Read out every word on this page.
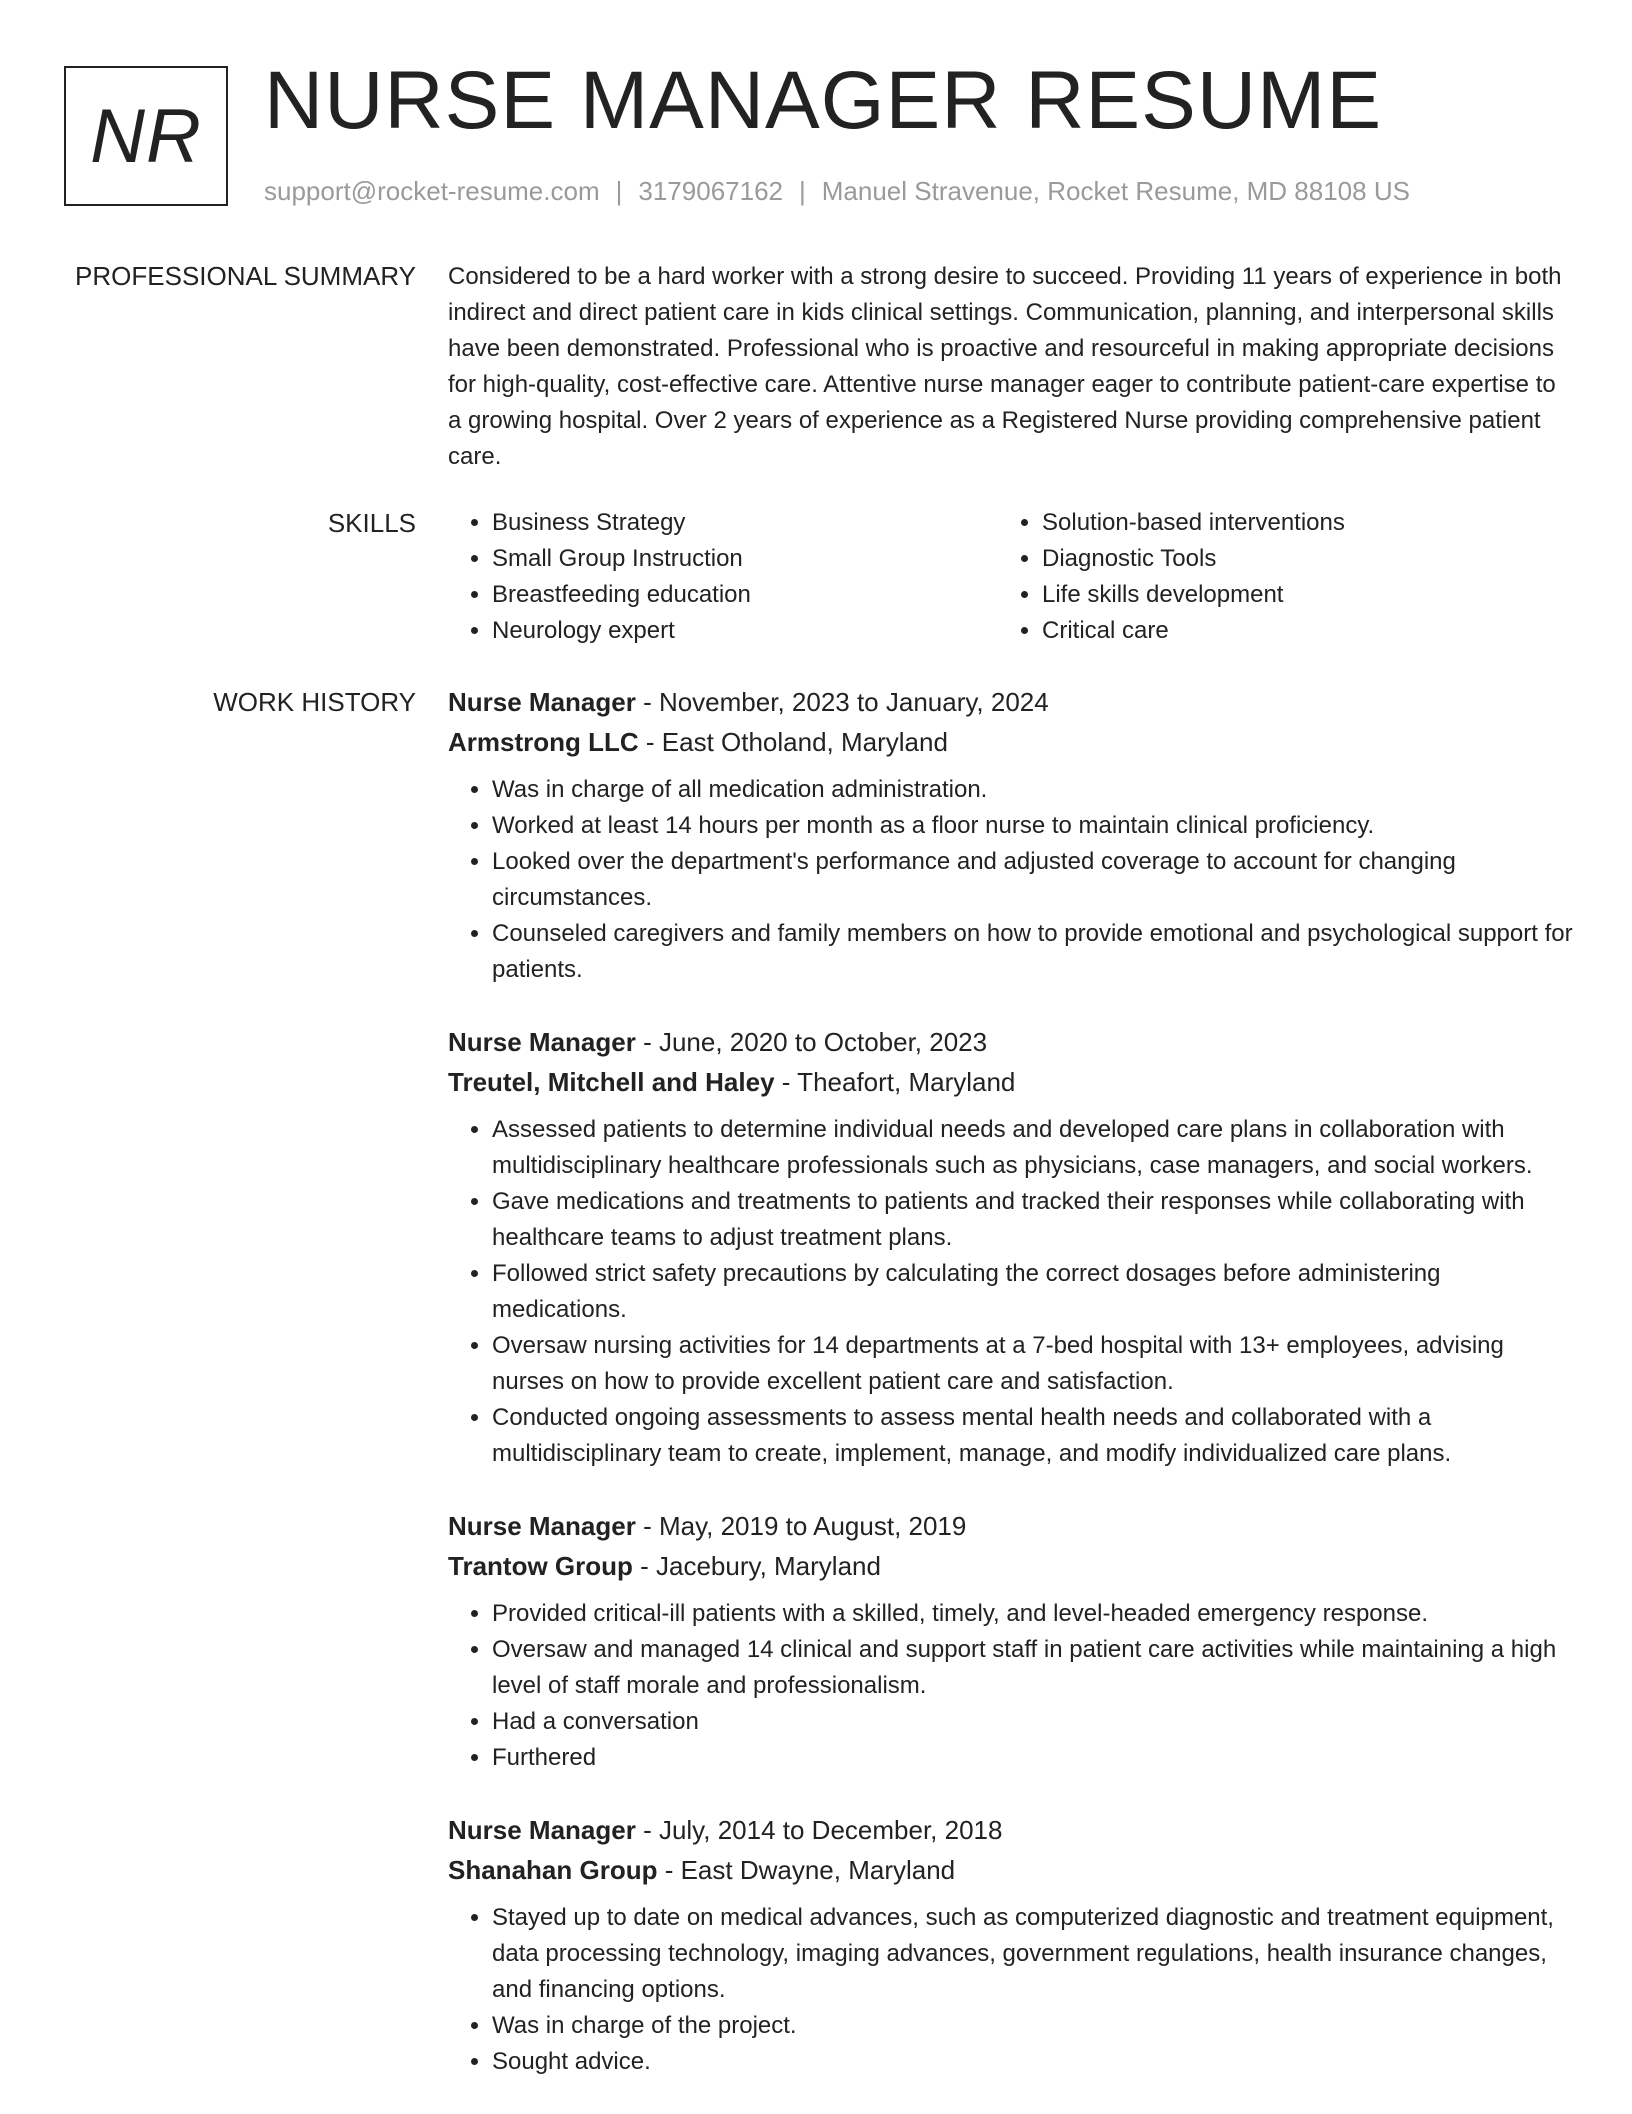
NR NURSE MANAGER RESUME
support@rocket-resume.com | 3179067162 | Manuel Stravenue, Rocket Resume, MD 88108 US
PROFESSIONAL SUMMARY Considered to be a hard worker with a strong desire to succeed. Providing 11 years of experience in both indirect and direct patient care in kids clinical settings. Communication, planning, and interpersonal skills have been demonstrated. Professional who is proactive and resourceful in making appropriate decisions for high-quality, cost-effective care. Attentive nurse manager eager to contribute patient-care expertise to a growing hospital. Over 2 years of experience as a Registered Nurse providing comprehensive patient care.

SKILLS
•	Business Strategy
• Small Group Instruction
• Breastfeeding education
• Neurology expert
• Solution-based interventions
• Diagnostic Tools
• Life skills development
• Critical care
WORK HISTORY Nurse Manager - November, 2023 to January, 2024
Armstrong LLC - East Otholand, Maryland
• Was in charge of all medication administration.
• Worked at least 14 hours per month as a floor nurse to maintain clinical proficiency.
• Looked over the department's performance and adjusted coverage to account for changing circumstances.
• Counseled caregivers and family members on how to provide emotional and psychological support for patients.
Nurse Manager - June, 2020 to October, 2023
Treutel, Mitchell and Haley - Theafort, Maryland
• Assessed patients to determine individual needs and developed care plans in collaboration with multidisciplinary healthcare professionals such as physicians, case managers, and social workers.
• Gave medications and treatments to patients and tracked their responses while collaborating with healthcare teams to adjust treatment plans.
• Followed strict safety precautions by calculating the correct dosages before administering medications.
• Oversaw nursing activities for 14 departments at a 7-bed hospital with 13+ employees, advising nurses on how to provide excellent patient care and satisfaction.
• Conducted ongoing assessments to assess mental health needs and collaborated with a multidisciplinary team to create, implement, manage, and modify individualized care plans.
Nurse Manager - May, 2019 to August, 2019
Trantow Group - Jacebury, Maryland
• Provided critical-ill patients with a skilled, timely, and level-headed emergency response.
• Oversaw and managed 14 clinical and support staff in patient care activities while maintaining a high level of staff morale and professionalism.
• Had a conversation
• Furthered
Nurse Manager - July, 2014 to December, 2018
Shanahan Group - East Dwayne, Maryland
• Stayed up to date on medical advances, such as computerized diagnostic and treatment equipment, data processing technology, imaging advances, government regulations, health insurance changes, and financing options.
• Was in charge of the project.
• Sought advice.
